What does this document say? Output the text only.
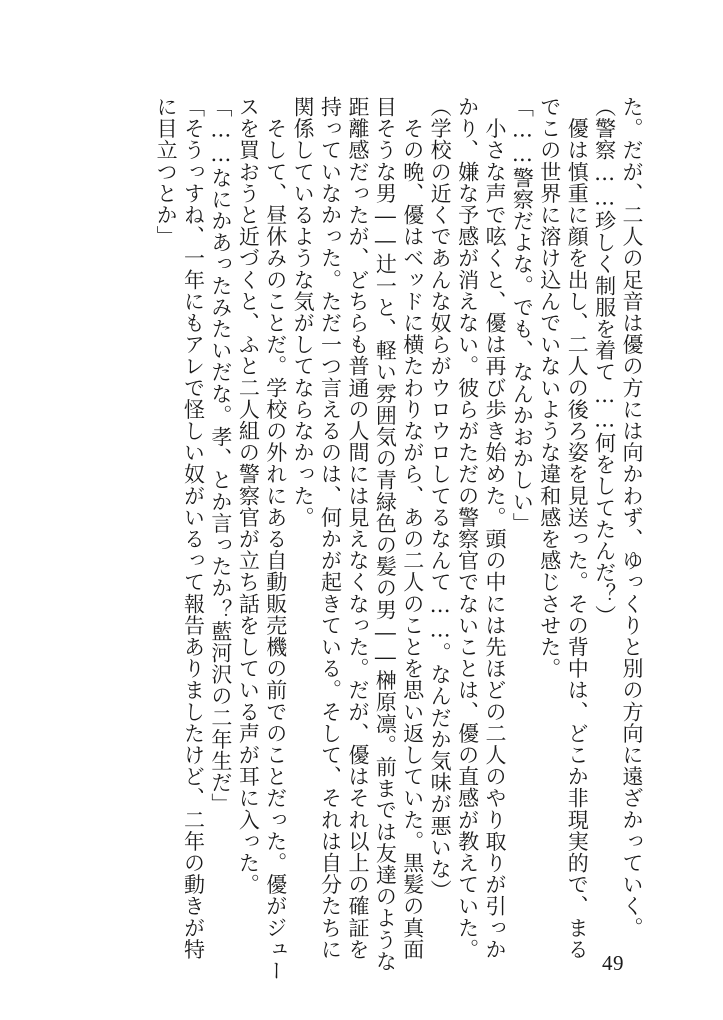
た。だが、二人の足音は優の方には向かわず、ゆっくりと別の方向に遠ざかっていく。
（警察……珍しく制服を着て……何をしてたんだ？）
　優は慎重に顔を出し、二人の後ろ姿を見送った。その背中は、どこか非現実的で、まる
でこの世界に溶け込んでいないような違和感を感じさせた。
「……警察だよな。でも、なんかおかしい」
　小さな声で呟くと、優は再び歩き始めた。頭の中には先ほどの二人のやり取りが引っか
かり、嫌な予感が消えない。彼らがただの警察官でないことは、優の直感が教えていた。
（学校の近くであんな奴らがウロウロしてるなんて……。なんだか気味が悪いな）
　その晩、優はベッドに横たわりながら、あの二人のことを思い返していた。黒髪の真面
目そうな男――辻一と、軽い雰囲気の青緑色の髪の男――榊原凛。前までは友達のような
距離感だったが、どちらも普通の人間には見えなくなった。だが、優はそれ以上の確証を
持っていなかった。ただ一つ言えるのは、何かが起きている。そして、それは自分たちに
関係しているような気がしてならなかった。
　そして、昼休みのことだ。学校の外れにある自動販売機の前でのことだった。優がジュー
スを買おうと近づくと、ふと二人組の警察官が立ち話をしている声が耳に入った。
「……なにかあったみたいだな。孝、とか言ったか？藍河沢の二年生だ」
「そうっすね、一年にもアレで怪しい奴がいるって報告ありましたけど、二年の動きが特
に目立つとか」
49
